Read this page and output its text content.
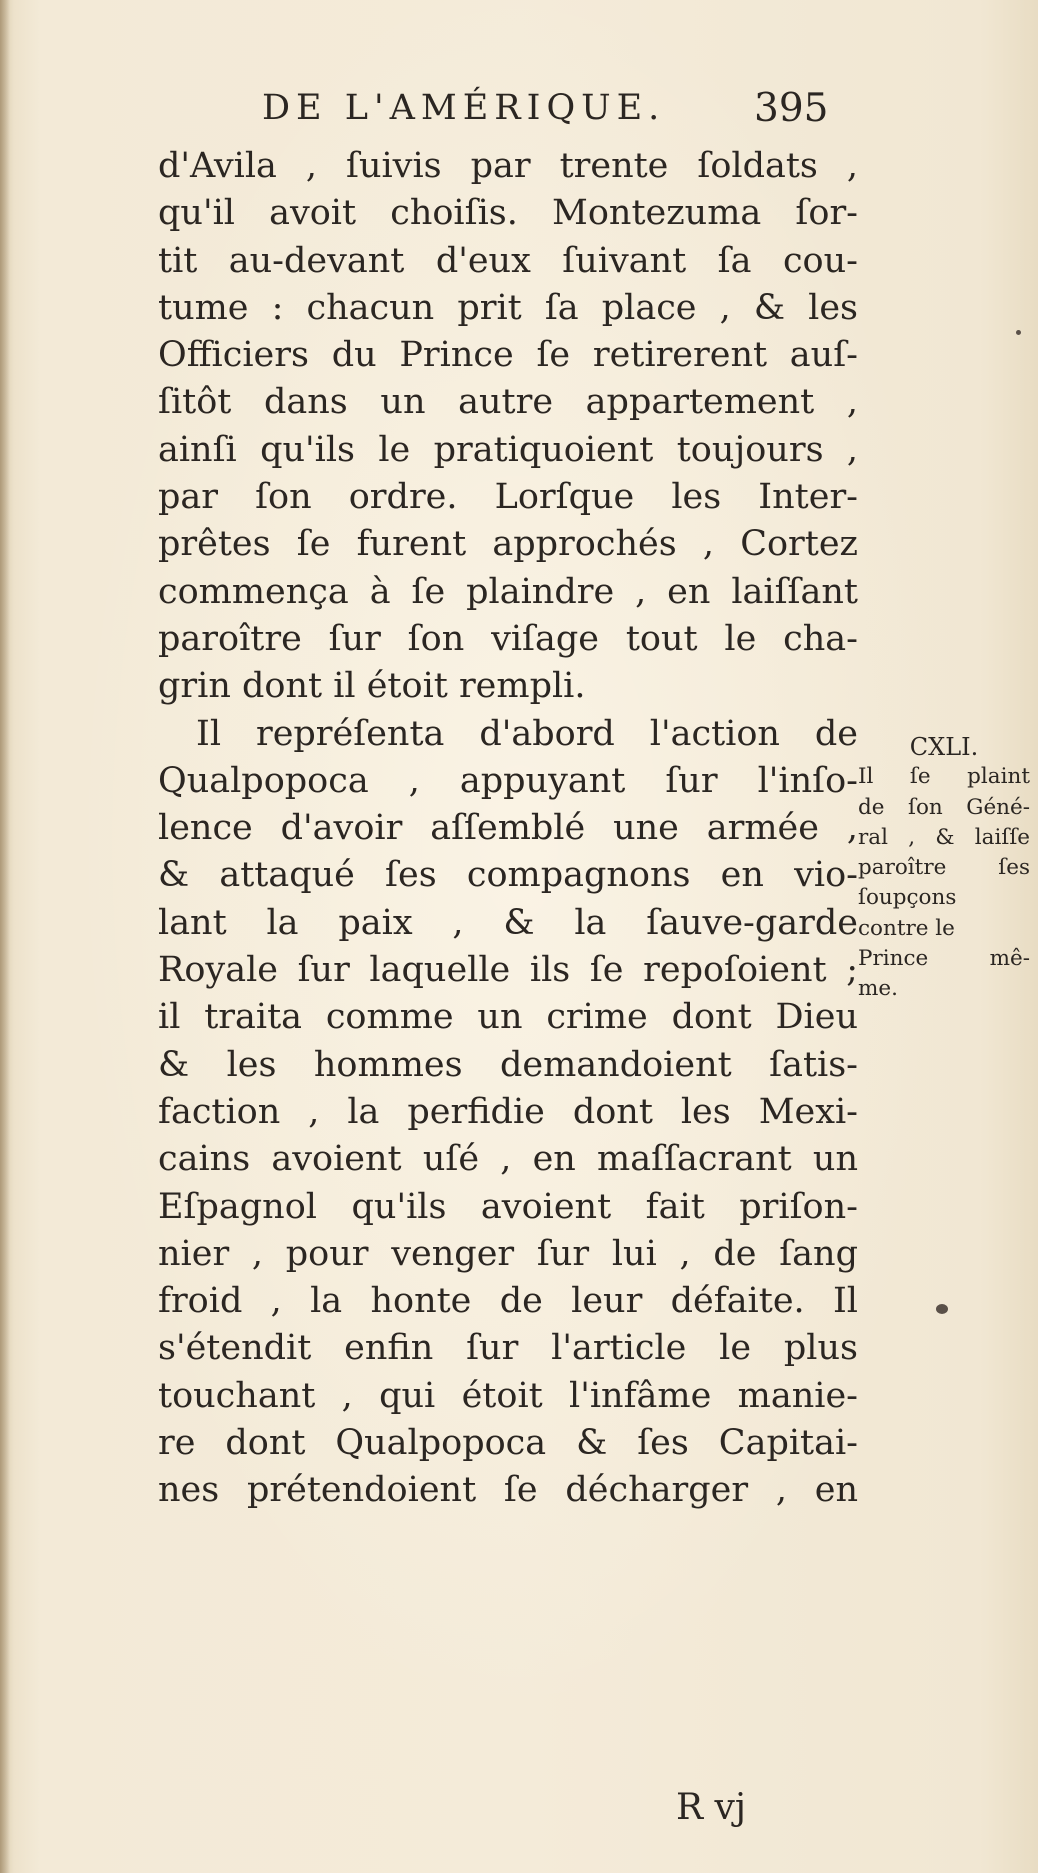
DE L'AMÉRIQUE. 395
d'Avila , ſuivis par trente ſoldats ,
qu'il avoit choiſis. Montezuma ſor-
tit au-devant d'eux ſuivant ſa cou-
tume : chacun prit ſa place , & les
Officiers du Prince ſe retirerent auſ-
ſitôt dans un autre appartement ,
ainſi qu'ils le pratiquoient toujours ,
par ſon ordre. Lorſque les Inter-
prêtes ſe furent approchés , Cortez
commença à ſe plaindre , en laiſſant
paroître ſur ſon viſage tout le cha-
grin dont il étoit rempli.
Il repréſenta d'abord l'action de
Qualpopoca , appuyant ſur l'inſo-
lence d'avoir aſſemblé une armée ,
& attaqué ſes compagnons en vio-
lant la paix , & la ſauve-garde
Royale ſur laquelle ils ſe repoſoient ;
il traita comme un crime dont Dieu
& les hommes demandoient ſatis-
faction , la perfidie dont les Mexi-
cains avoient uſé , en maſſacrant un
Eſpagnol qu'ils avoient fait priſon-
nier , pour venger ſur lui , de ſang
froid , la honte de leur défaite. Il
s'étendit enfin ſur l'article le plus
touchant , qui étoit l'infâme manie-
re dont Qualpopoca & ſes Capitai-
nes prétendoient ſe décharger , en
CXLI.
Il ſe plaint
de ſon Géné-
ral , & laiſſe
paroître ſes
ſoupçons
contre le
Prince mê-
me.
R vj
